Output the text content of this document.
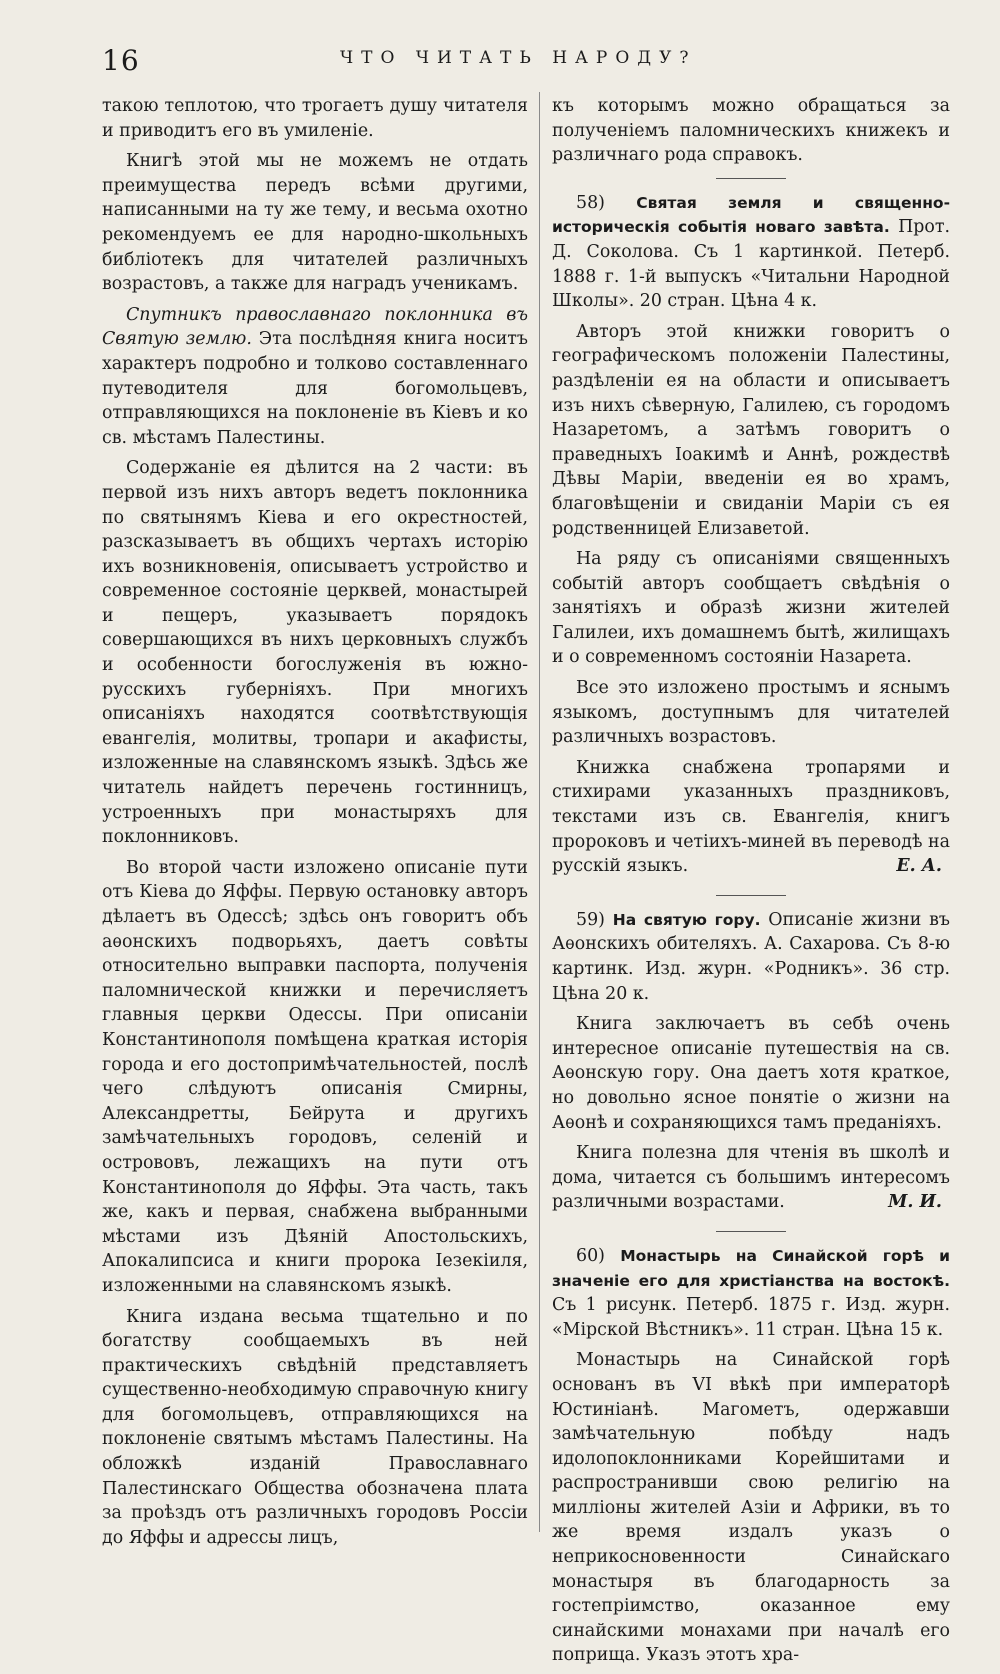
16	ЧТО ЧИТАТЬ НАРОДУ?

такою теплотою, что трогаетъ душу читателя и приводитъ его въ умиленіе.

Книгѣ этой мы не можемъ не отдать преимущества передъ всѣми другими, написанными на ту же тему, и весьма охотно рекомендуемъ ее для народно-школьныхъ библіотекъ для читателей различныхъ возрастовъ, а также для наградъ ученикамъ.

Спутникъ православнаго поклонника въ Святую землю. Эта послѣдняя книга носитъ характеръ подробно и толково составленнаго путеводителя для богомольцевъ, отправляющихся на поклоненіе въ Кіевъ и ко св. мѣстамъ Палестины.

Содержаніе ея дѣлится на 2 части: въ первой изъ нихъ авторъ ведетъ поклонника по святынямъ Кіева и его окрестностей, разсказываетъ въ общихъ чертахъ исторію ихъ возникновенія, описываетъ устройство и современное состояніе церквей, монастырей и пещеръ, указываетъ порядокъ совершающихся въ нихъ церковныхъ службъ и особенности богослуженія въ южно-русскихъ губерніяхъ. При многихъ описаніяхъ находятся соотвѣтствующія евангелія, молитвы, тропари и акафисты, изложенные на славянскомъ языкѣ. Здѣсь же читатель найдетъ перечень гостинницъ, устроенныхъ при монастыряхъ для поклонниковъ.

Во второй части изложено описаніе пути отъ Кіева до Яффы. Первую остановку авторъ дѣлаетъ въ Одессѣ; здѣсь онъ говоритъ объ аѳонскихъ подворьяхъ, даетъ совѣты относительно выправки паспорта, полученія паломнической книжки и перечисляетъ главныя церкви Одессы. При описаніи Константинополя помѣщена краткая исторія города и его достопримѣчательностей, послѣ чего слѣдуютъ описанія Смирны, Александретты, Бейрута и другихъ замѣчательныхъ городовъ, селеній и острововъ, лежащихъ на пути отъ Константинополя до Яффы. Эта часть, такъ же, какъ и первая, снабжена выбранными мѣстами изъ Дѣяній Апостольскихъ, Апокалипсиса и книги пророка Іезекіиля, изложенными на славянскомъ языкѣ.

Книга издана весьма тщательно и по богатству сообщаемыхъ въ ней практическихъ свѣдѣній представляетъ существенно-необходимую справочную книгу для богомольцевъ, отправляющихся на поклоненіе святымъ мѣстамъ Палестины. На обложкѣ изданій Православнаго Палестинскаго Общества обозначена плата за проѣздъ отъ различныхъ городовъ Россіи до Яффы и адрессы лицъ,

къ которымъ можно обращаться за полученіемъ паломническихъ книжекъ и различнаго рода справокъ.

58) Святая земля и священно-историческія событія новаго завѣта. Прот. Д. Соколова. Съ 1 картинкой. Петерб. 1888 г. 1-й выпускъ «Читальни Народной Школы». 20 стран. Цѣна 4 к.

Авторъ этой книжки говоритъ о географическомъ положеніи Палестины, раздѣленіи ея на области и описываетъ изъ нихъ сѣверную, Галилею, съ городомъ Назаретомъ, а затѣмъ говоритъ о праведныхъ Іоакимѣ и Аннѣ, рождествѣ Дѣвы Маріи, введеніи ея во храмъ, благовѣщеніи и свиданіи Маріи съ ея родственницей Елизаветой.

На ряду съ описаніями священныхъ событій авторъ сообщаетъ свѣдѣнія о занятіяхъ и образѣ жизни жителей Галилеи, ихъ домашнемъ бытѣ, жилищахъ и о современномъ состояніи Назарета.

Все это изложено простымъ и яснымъ языкомъ, доступнымъ для читателей различныхъ возрастовъ.

Книжка снабжена тропарями и стихирами указанныхъ праздниковъ, текстами изъ св. Евангелія, книгъ пророковъ и четіихъ-миней въ переводѣ на русскій языкъ.	Е. А.

59) На святую гору. Описаніе жизни въ Аѳонскихъ обителяхъ. А. Сахарова. Съ 8-ю картинк. Изд. журн. «Родникъ». 36 стр. Цѣна 20 к.

Книга заключаетъ въ себѣ очень интересное описаніе путешествія на св. Аѳонскую гору. Она даетъ хотя краткое, но довольно ясное понятіе о жизни на Аѳонѣ и сохраняющихся тамъ преданіяхъ.

Книга полезна для чтенія въ школѣ и дома, читается съ большимъ интересомъ различными возрастами.	М. И.

60) Монастырь на Синайской горѣ и значеніе его для христіанства на востокѣ. Съ 1 рисунк. Петерб. 1875 г. Изд. журн. «Мірской Вѣстникъ». 11 стран. Цѣна 15 к.

Монастырь на Синайской горѣ основанъ въ VI вѣкѣ при императорѣ Юстиніанѣ. Магометъ, одержавши замѣчательную побѣду надъ идолопоклонниками Корейшитами и распространивши свою религію на милліоны жителей Азіи и Африки, въ то же время издалъ указъ о неприкосновенности Синайскаго монастыря въ благодарность за гостепріимство, оказанное ему синайскими монахами при началѣ его поприща. Указъ этотъ хра-
